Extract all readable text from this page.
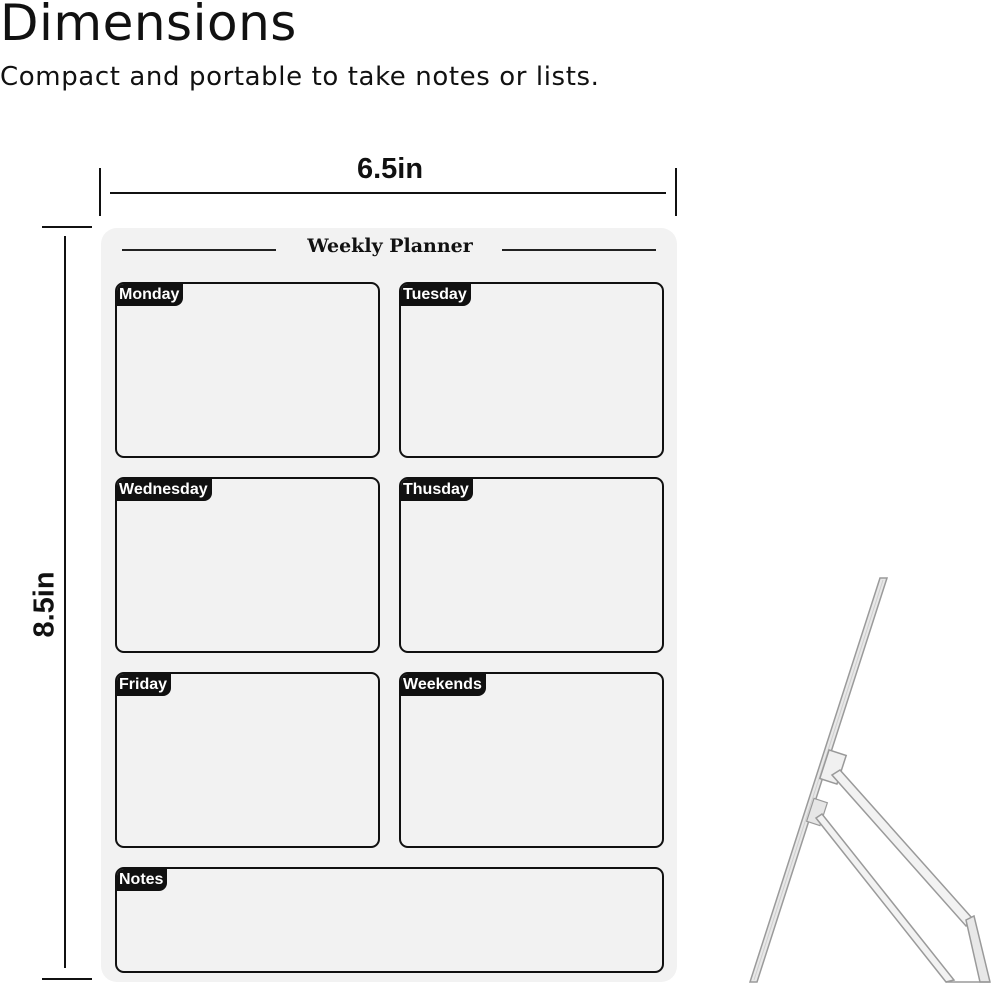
Dimensions
Compact and portable to take notes or lists.
6.5in
8.5in
Weekly Planner
Monday	Tuesday
Wednesday	Thusday
Friday	Weekends
Notes
